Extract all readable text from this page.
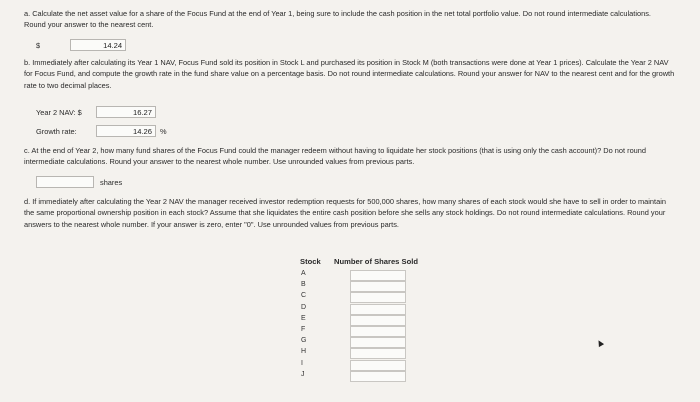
a. Calculate the net asset value for a share of the Focus Fund at the end of Year 1, being sure to include the cash position in the net total portfolio value. Do not round intermediate calculations. Round your answer to the nearest cent.
$	14.24
b. Immediately after calculating its Year 1 NAV, Focus Fund sold its position in Stock L and purchased its position in Stock M (both transactions were done at Year 1 prices). Calculate the Year 2 NAV for Focus Fund, and compute the growth rate in the fund share value on a percentage basis. Do not round intermediate calculations. Round your answer for NAV to the nearest cent and for the growth rate to two decimal places.
Year 2 NAV: $	16.27
Growth rate:	14.26	%
c. At the end of Year 2, how many fund shares of the Focus Fund could the manager redeem without having to liquidate her stock positions (that is using only the cash account)? Do not round intermediate calculations. Round your answer to the nearest whole number. Use unrounded values from previous parts.
shares
d. If immediately after calculating the Year 2 NAV the manager received investor redemption requests for 500,000 shares, how many shares of each stock would she have to sell in order to maintain the same proportional ownership position in each stock? Assume that she liquidates the entire cash position before she sells any stock holdings. Do not round intermediate calculations. Round your answers to the nearest whole number. If your answer is zero, enter "0". Use unrounded values from previous parts.
Stock Number of Shares Sold
A
B
C
D
E
F
G
H
I
J
